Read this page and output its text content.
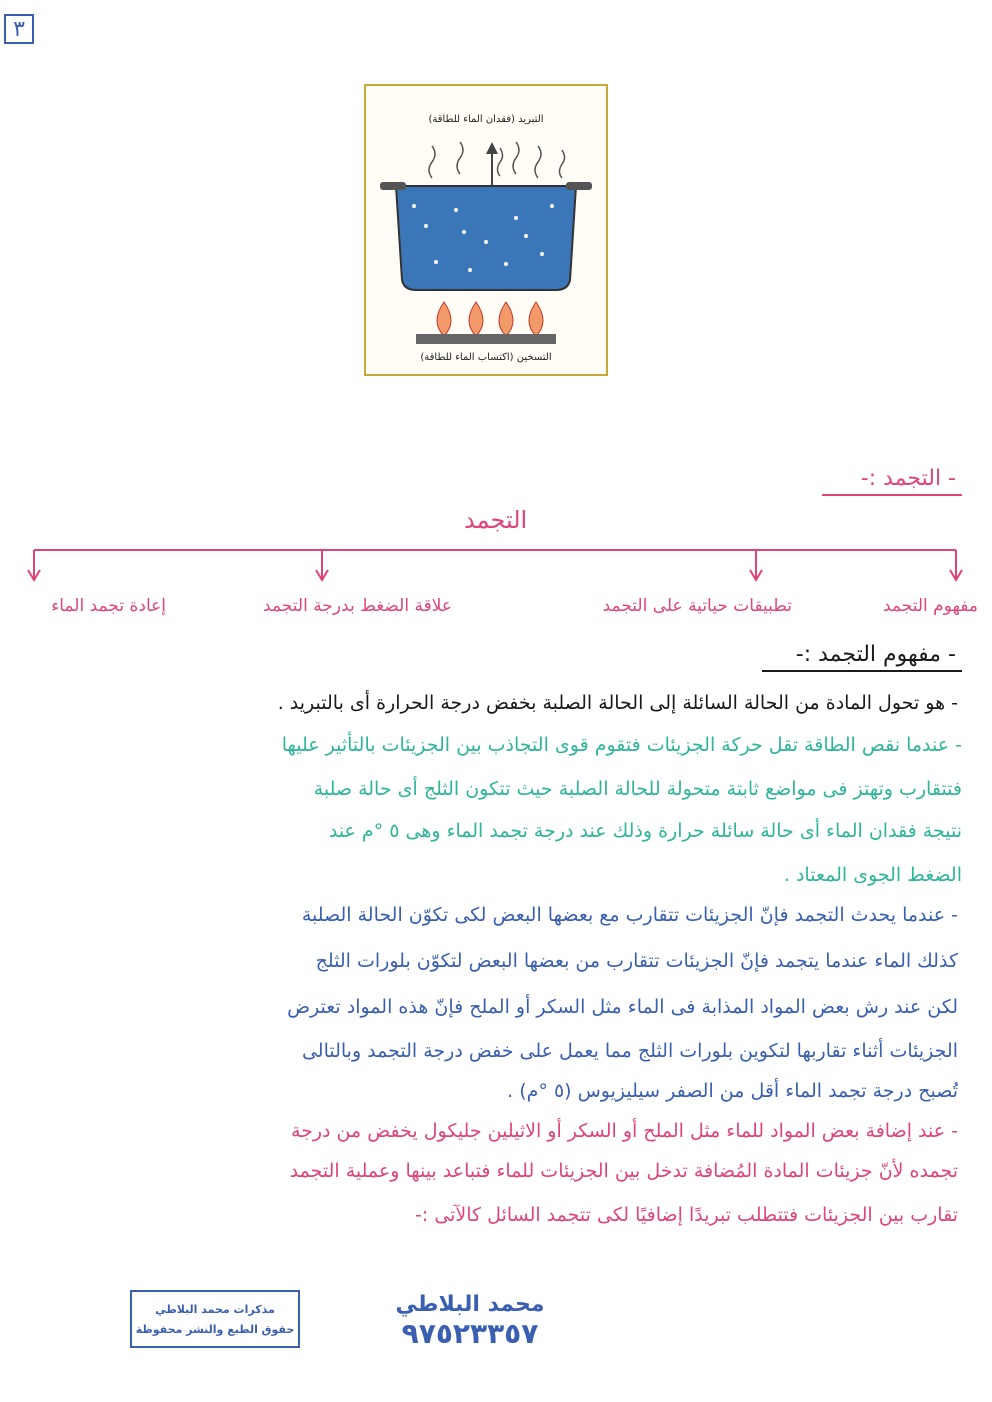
٣
التبريد (فقدان الماء للطاقة)
التسخين (اكتساب الماء للطاقة)
- التجمد :-
التجمد
مفهوم التجمد
تطبيقات حياتية على التجمد
علاقة الضغط بدرجة التجمد
إعادة تجمد الماء
- مفهوم التجمد :-
- هو تحول المادة من الحالة السائلة إلى الحالة الصلبة بخفض درجة الحرارة أى بالتبريد .
- عندما نقص الطاقة تقل حركة الجزيئات فتقوم قوى التجاذب بين الجزيئات بالتأثير عليها
فتتقارب وتهتز فى مواضع ثابتة متحولة للحالة الصلبة حيث تتكون الثلج أى حالة صلبة
نتيجة فقدان الماء أى حالة سائلة حرارة وذلك عند درجة تجمد الماء وهى ٥ °م عند
الضغط الجوى المعتاد .
- عندما يحدث التجمد فإنّ الجزيئات تتقارب مع بعضها البعض لكى تكوّن الحالة الصلبة
كذلك الماء عندما يتجمد فإنّ الجزيئات تتقارب من بعضها البعض لتكوّن بلورات الثلج
لكن عند رش بعض المواد المذابة فى الماء مثل السكر أو الملح فإنّ هذه المواد تعترض
الجزيئات أثناء تقاربها لتكوين بلورات الثلج مما يعمل على خفض درجة التجمد وبالتالى
تُصبح درجة تجمد الماء أقل من الصفر سيليزيوس (٥ °م) .
- عند إضافة بعض المواد للماء مثل الملح أو السكر أو الاثيلين جليكول يخفض من درجة
تجمده لأنّ جزيئات المادة المُضافة تدخل بين الجزيئات للماء فتباعد بينها وعملية التجمد
تقارب بين الجزيئات فتتطلب تبريدًا إضافيًا لكى تتجمد السائل كالآتى :-
مذكرات محمد البلاطي
حقوق الطبع والنشر محفوظة
محمد البلاطي
٩٧٥٢٣٣٥٧
